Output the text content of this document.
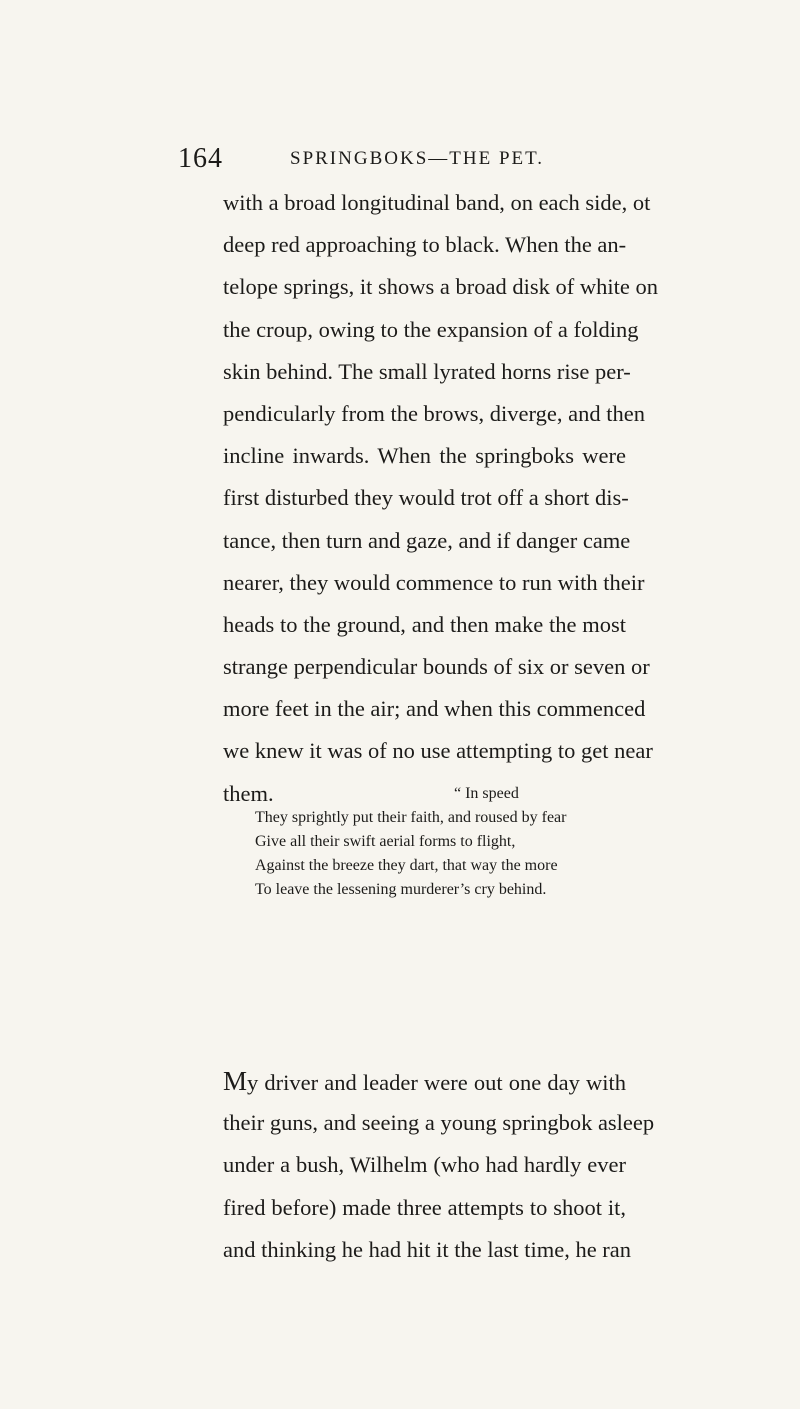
164	SPRINGBOKS—THE PET.
with a broad longitudinal band, on each side, ot
deep red approaching to black. When the an-
telope springs, it shows a broad disk of white on
the croup, owing to the expansion of a folding
skin behind. The small lyrated horns rise per-
pendicularly from the brows, diverge, and then
incline inwards. When the springboks were
first disturbed they would trot off a short dis-
tance, then turn and gaze, and if danger came
nearer, they would commence to run with their
heads to the ground, and then make the most
strange perpendicular bounds of six or seven or
more feet in the air; and when this commenced
we knew it was of no use attempting to get near
them.	“ In speed
They sprightly put their faith, and roused by fear
Give all their swift aerial forms to flight,
Against the breeze they dart, that way the more
To leave the lessening murderer’s cry behind.
My driver and leader were out one day with
their guns, and seeing a young springbok asleep
under a bush, Wilhelm (who had hardly ever
fired before) made three attempts to shoot it,
and thinking he had hit it the last time, he ran
